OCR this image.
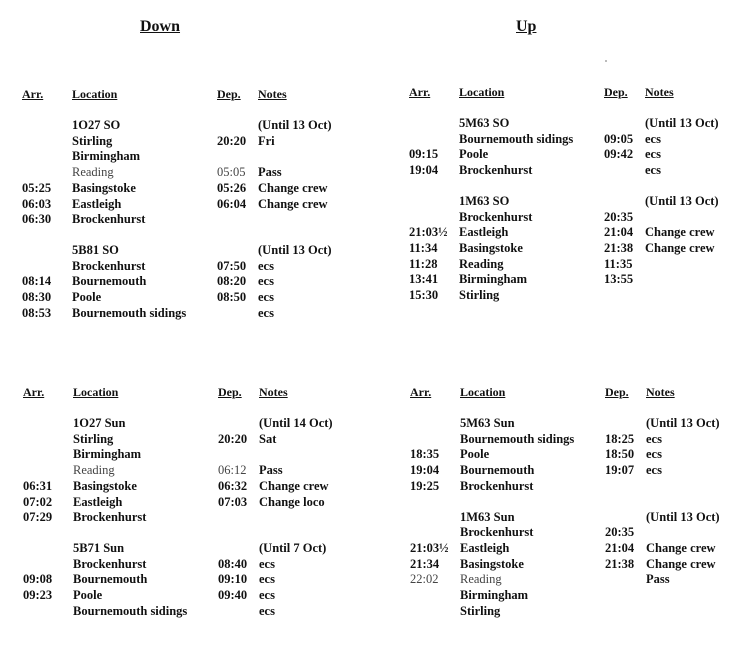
Down	Up
Arr. Location	Dep. Notes
1O27 SO	(Until 13 Oct)
Stirling	20:20 Fri
Birmingham
Reading	05:05 Pass
05:25 Basingstoke	05:26 Change crew
06:03 Eastleigh	06:04 Change crew
06:30 Brockenhurst
5B81 SO	(Until 13 Oct)
Brockenhurst	07:50 ecs
08:14 Bournemouth	08:20 ecs
08:30 Poole	08:50 ecs
08:53 Bournemouth sidings	ecs
Arr. Location	Dep. Notes
5M63 SO	(Until 13 Oct)
Bournemouth sidings 09:05 ecs
09:15 Poole	09:42 ecs
19:04 Brockenhurst	ecs
1M63 SO	(Until 13 Oct)
Brockenhurst	20:35
21:03½ Eastleigh	21:04 Change crew
11:34 Basingstoke	21:38 Change crew
11:28 Reading	11:35
13:41 Birmingham	13:55
15:30 Stirling
Arr. Location	Dep. Notes
1O27 Sun	(Until 14 Oct)
Stirling	20:20 Sat
Birmingham
Reading	06:12 Pass
06:31 Basingstoke	06:32 Change crew
07:02 Eastleigh	07:03 Change loco
07:29 Brockenhurst
5B71 Sun	(Until 7 Oct)
Brockenhurst	08:40 ecs
09:08 Bournemouth	09:10 ecs
09:23 Poole	09:40 ecs
Bournemouth sidings	ecs
Arr. Location	Dep. Notes
5M63 Sun	(Until 13 Oct)
Bournemouth sidings 18:25 ecs
18:35 Poole	18:50 ecs
19:04 Bournemouth	19:07 ecs
19:25 Brockenhurst
1M63 Sun	(Until 13 Oct)
Brockenhurst	20:35
21:03½ Eastleigh	21:04 Change crew
21:34 Basingstoke	21:38 Change crew
22:02 Reading	Pass
Birmingham
Stirling
